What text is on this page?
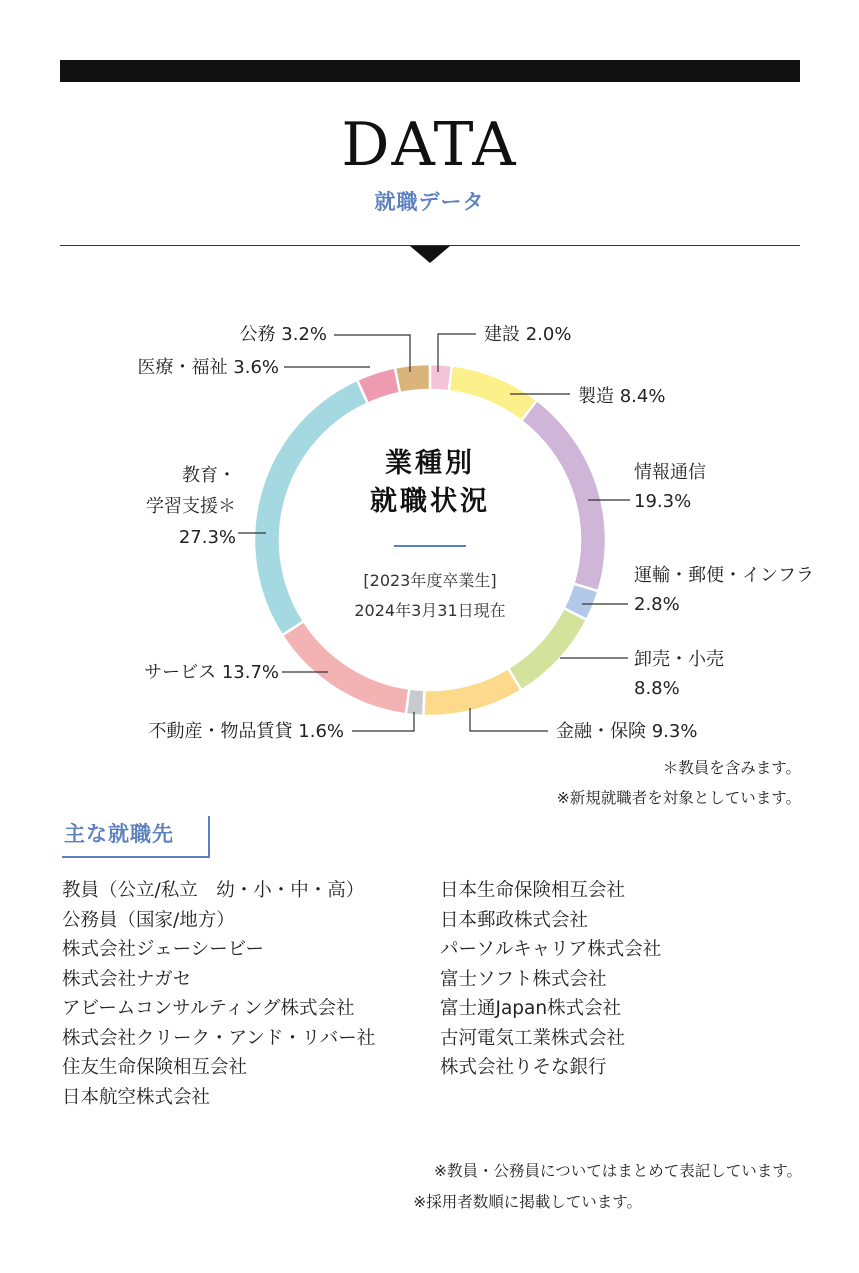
DATA
就職データ
業種別
就職状況
[2023年度卒業生]
2024年3月31日現在
建設 2.0%
製造 8.4%
情報通信
19.3%
運輸・郵便・インフラ
2.8%
卸売・小売
8.8%
金融・保険 9.3%
不動産・物品賃貸 1.6%
サービス 13.7%
教育・
学習支援＊
27.3%
医療・福祉 3.6%
公務 3.2%
＊教員を含みます。
※新規就職者を対象としています。
主な就職先
教員（公立/私立　幼・小・中・高）
公務員（国家/地方）
株式会社ジェーシービー
株式会社ナガセ
アビームコンサルティング株式会社
株式会社クリーク・アンド・リバー社
住友生命保険相互会社
日本航空株式会社
日本生命保険相互会社
日本郵政株式会社
パーソルキャリア株式会社
富士ソフト株式会社
富士通Japan株式会社
古河電気工業株式会社
株式会社りそな銀行
※教員・公務員についてはまとめて表記しています。
※採用者数順に掲載しています。
